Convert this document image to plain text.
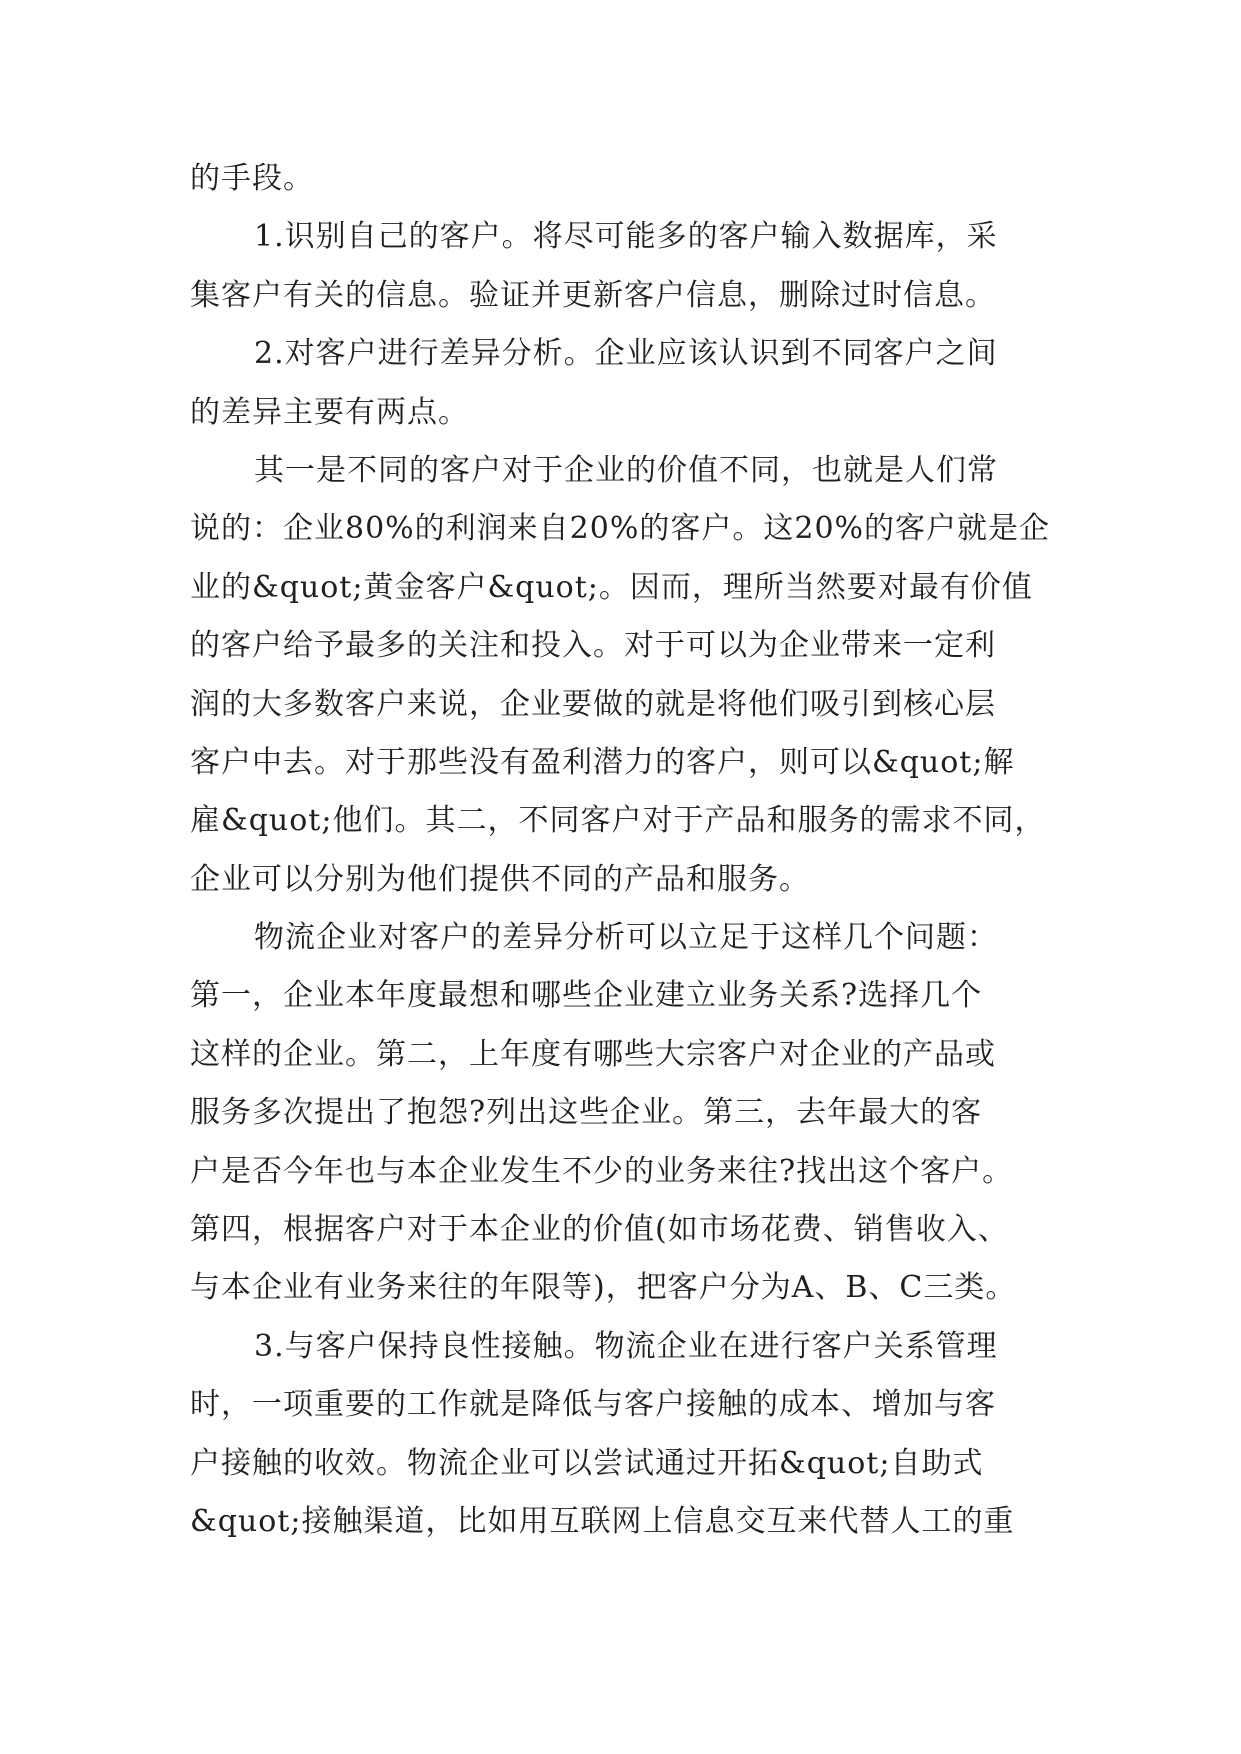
的手段。
1.识别自己的客户。将尽可能多的客户输入数据库，采
集客户有关的信息。验证并更新客户信息，删除过时信息。
2.对客户进行差异分析。企业应该认识到不同客户之间
的差异主要有两点。
其一是不同的客户对于企业的价值不同，也就是人们常
说的：企业80%的利润来自20%的客户。这20%的客户就是企
业的&quot;黄金客户&quot;。因而，理所当然要对最有价值
的客户给予最多的关注和投入。对于可以为企业带来一定利
润的大多数客户来说，企业要做的就是将他们吸引到核心层
客户中去。对于那些没有盈利潜力的客户，则可以&quot;解
雇&quot;他们。其二，不同客户对于产品和服务的需求不同，
企业可以分别为他们提供不同的产品和服务。
物流企业对客户的差异分析可以立足于这样几个问题：
第一，企业本年度最想和哪些企业建立业务关系?选择几个
这样的企业。第二，上年度有哪些大宗客户对企业的产品或
服务多次提出了抱怨?列出这些企业。第三，去年最大的客
户是否今年也与本企业发生不少的业务来往?找出这个客户。
第四，根据客户对于本企业的价值(如市场花费、销售收入、
与本企业有业务来往的年限等)，把客户分为A、B、C三类。
3.与客户保持良性接触。物流企业在进行客户关系管理
时，一项重要的工作就是降低与客户接触的成本、增加与客
户接触的收效。物流企业可以尝试通过开拓&quot;自助式
&quot;接触渠道，比如用互联网上信息交互来代替人工的重
